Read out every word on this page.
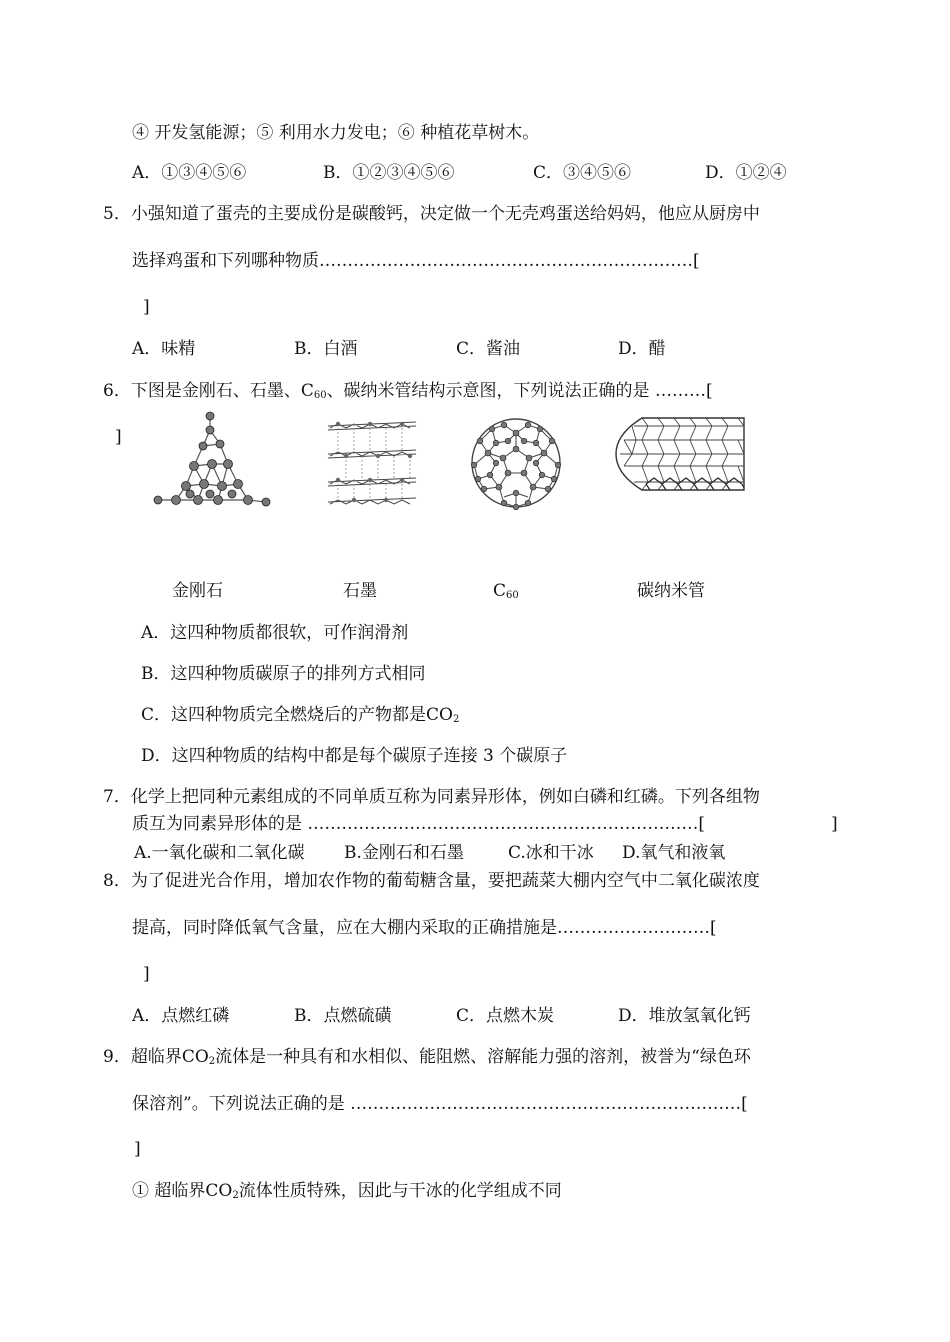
④ 开发氢能源；⑤ 利用水力发电；⑥ 种植花草树木。
A．①③④⑤⑥	B．①②③④⑤⑥	C．③④⑤⑥	D．①②④
5．小强知道了蛋壳的主要成份是碳酸钙，决定做一个无壳鸡蛋送给妈妈，他应从厨房中
选择鸡蛋和下列哪种物质…………………………………………………………[
]
A．味精	B．白酒	C．酱油	D．醋
6．下图是金刚石、石墨、$C_{60}$、碳纳米管结构示意图，下列说法正确的是 ………[
]
金刚石	石墨	$C_{60}$	碳纳米管
A．这四种物质都很软，可作润滑剂
B．这四种物质碳原子的排列方式相同
C．这四种物质完全燃烧后的产物都是$CO_2$
D．这四种物质的结构中都是每个碳原子连接 3 个碳原子
7．化学上把同种元素组成的不同单质互称为同素异形体，例如白磷和红磷。下列各组物
质互为同素异形体的是 ……………………………………………………………[	]
A.一氧化碳和二氧化碳 B.金刚石和石墨	C.冰和干冰 D.氧气和液氧
8．为了促进光合作用，增加农作物的葡萄糖含量，要把蔬菜大棚内空气中二氧化碳浓度
提高，同时降低氧气含量，应在大棚内采取的正确措施是………………………[
]
A．点燃红磷	B．点燃硫磺	C．点燃木炭	D．堆放氢氧化钙
9．超临界$CO_2$流体是一种具有和水相似、能阻燃、溶解能力强的溶剂，被誉为“绿色环
保溶剂”。下列说法正确的是 ……………………………………………………………[
]
① 超临界$CO_2$流体性质特殊，因此与干冰的化学组成不同
